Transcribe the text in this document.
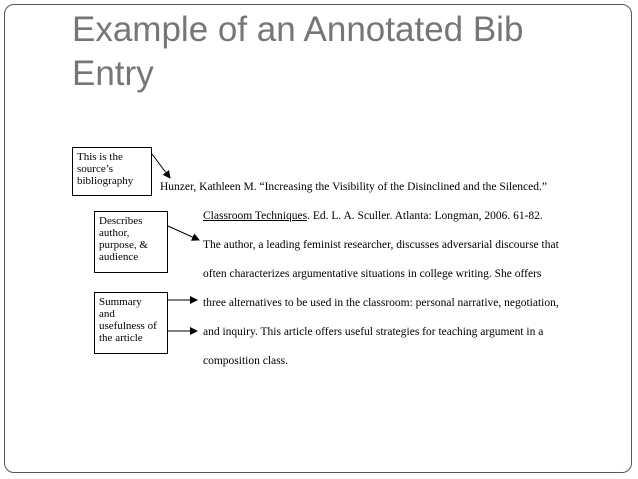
Example of an Annotated Bib
Entry
This is the
source’s
bibliography
Describes
author,
purpose, &
audience
Summary
and
usefulness of
the article
Hunzer, Kathleen M. “Increasing the Visibility of the Disinclined and the Silenced.”
Classroom Techniques. Ed. L. A. Sculler. Atlanta: Longman, 2006. 61-82.
The author, a leading feminist researcher, discusses adversarial discourse that
often characterizes argumentative situations in college writing. She offers
three alternatives to be used in the classroom: personal narrative, negotiation,
and inquiry. This article offers useful strategies for teaching argument in a
composition class.
